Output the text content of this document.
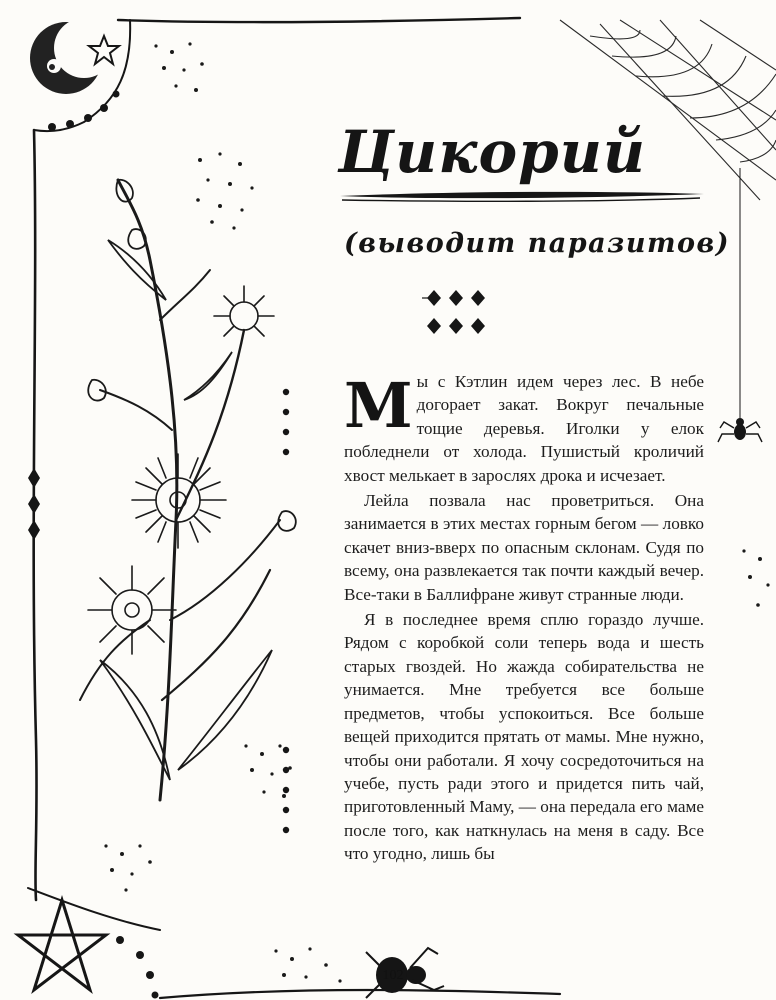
Цикорий
(выводит паразитов)

Мы с Кэтлин идем через лес. В небе догорает закат. Вокруг печальные тощие деревья. Иголки у елок побледнели от холода. Пушистый кроличий хвост мелькает в зарослях дрока и исчезает.

Лейла позвала нас проветриться. Она занимается в этих местах горным бегом — ловко скачет вниз-вверх по опасным склонам. Судя по всему, она развлекается так почти каждый вечер. Все-таки в Баллифране живут странные люди.

Я в последнее время сплю гораздо лучше. Рядом с коробкой соли теперь вода и шесть старых гвоздей. Но жажда собирательства не унимается. Мне требуется все больше предметов, чтобы успокоиться. Все больше вещей приходится прятать от мамы. Мне нужно, чтобы они работали. Я хочу сосредоточиться на учебе, пусть ради этого и придется пить чай, приготовленный Маму, — она передала его маме после того, как наткнулась на меня в саду. Все что угодно, лишь бы

102
